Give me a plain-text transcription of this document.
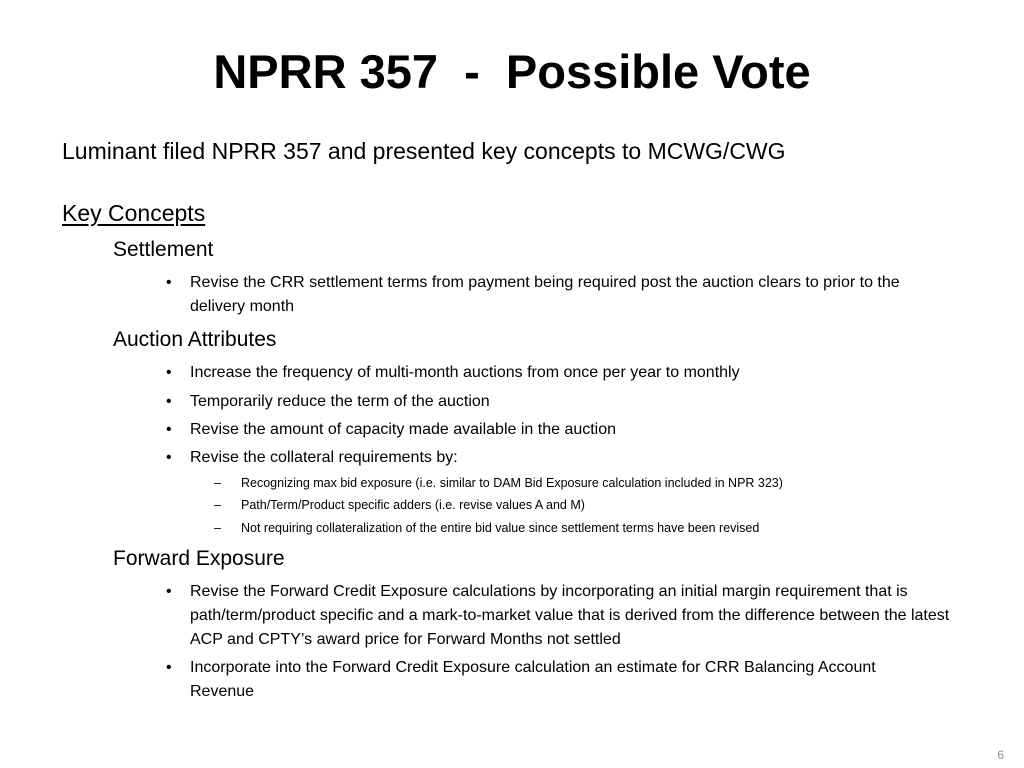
NPRR 357  -  Possible Vote
Luminant filed NPRR 357 and presented key concepts to MCWG/CWG
Key Concepts
Settlement
• Revise the CRR settlement terms from payment being required post the auction clears to prior to the delivery month
Auction Attributes
• Increase the frequency of multi-month auctions from once per year to monthly
• Temporarily reduce the term of the auction
• Revise the amount of capacity made available in the auction
• Revise the collateral requirements by:
– Recognizing max bid exposure (i.e. similar to DAM Bid Exposure calculation included in NPR 323)
– Path/Term/Product specific adders (i.e. revise values A and M)
– Not requiring collateralization of the entire bid value since settlement terms have been revised
Forward Exposure
• Revise the Forward Credit Exposure calculations by incorporating an initial margin requirement that is path/term/product specific and a mark-to-market value that is derived from the difference between the latest ACP and CPTY’s award price for Forward Months not settled
• Incorporate into the Forward Credit Exposure calculation an estimate for CRR Balancing Account Revenue
6
